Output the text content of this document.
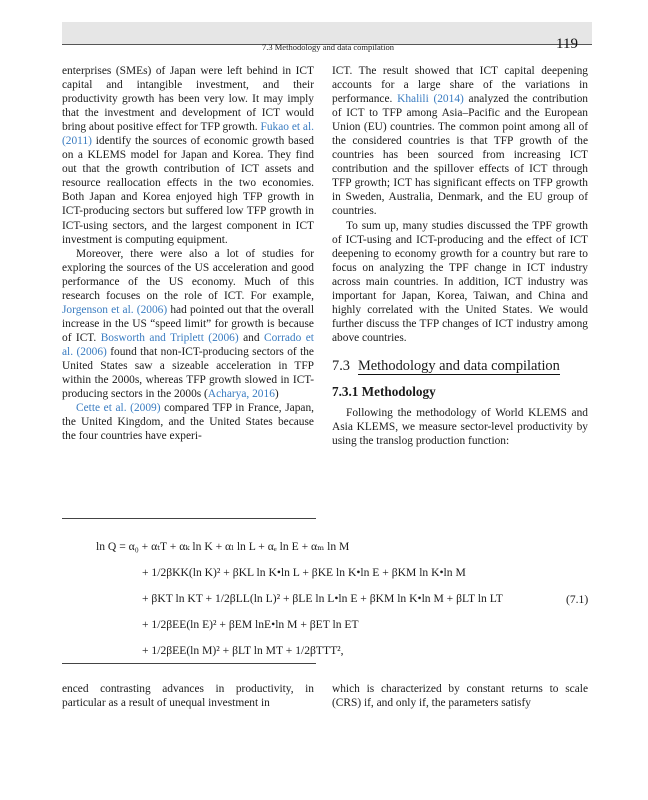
7.3 Methodology and data compilation	119

enterprises (SMEs) of Japan were left behind in ICT capital and intangible investment, and their productivity growth has been very low. It may imply that the investment and development of ICT would bring about positive effect for TFP growth. Fukao et al. (2011) identify the sources of economic growth based on a KLEMS model for Japan and Korea. They find out that the growth contribution of ICT assets and resource reallocation effects in the two economies. Both Japan and Korea enjoyed high TFP growth in ICT-producing sectors but suffered low TFP growth in ICT-using sectors, and the largest component in ICT investment is computing equipment.

Moreover, there were also a lot of studies for exploring the sources of the US acceleration and good performance of the US economy. Much of this research focuses on the role of ICT. For example, Jorgenson et al. (2006) had pointed out that the overall increase in the US “speed limit” for growth is because of ICT. Bosworth and Triplett (2006) and Corrado et al. (2006) found that non-ICT-producing sectors of the United States saw a sizeable acceleration in TFP within the 2000s, whereas TFP growth slowed in ICT-producing sectors in the 2000s (Acharya, 2016)

Cette et al. (2009) compared TFP in France, Japan, the United Kingdom, and the United States because the four countries have experi-

ICT. The result showed that ICT capital deepening accounts for a large share of the variations in performance. Khalili (2014) analyzed the contribution of ICT to TFP among Asia–Pacific and the European Union (EU) countries. The common point among all of the considered countries is that TFP growth of the countries has been sourced from increasing ICT contribution and the spillover effects of ICT through TFP growth; ICT has significant effects on TFP growth in Sweden, Australia, Denmark, and the EU group of countries.

To sum up, many studies discussed the TPF growth of ICT-using and ICT-producing and the effect of ICT deepening to economy growth for a country but rare to focus on analyzing the TPF change in ICT industry across main countries. In addition, ICT industry was important for Japan, Korea, Taiwan, and China and highly correlated with the United States. We would further discuss the TFP changes of ICT industry among above countries.

7.3 Methodology and data compilation
7.3.1 Methodology

Following the methodology of World KLEMS and Asia KLEMS, we measure sector-level productivity by using the translog production function:

ln Q = α₀ + αₜT + αₖ ln K + αₗ ln L + αₑ ln E + αₘ ln M
+ 1/2βKK(ln K)² + βKL ln K•ln L + βKE ln K•ln E + βKM ln K•ln M
+ βKT ln KT + 1/2βLL(ln L)² + βLE ln L•ln E + βKM ln K•ln M + βLT ln LT
+ 1/2βEE(ln E)² + βEM lnE•ln M + βET ln ET
+ 1/2βEE(ln M)² + βLT ln MT + 1/2βTTT²,
(7.1)
enced contrasting advances in productivity, in particular as a result of unequal investment in
which is characterized by constant returns to scale (CRS) if, and only if, the parameters satisfy
